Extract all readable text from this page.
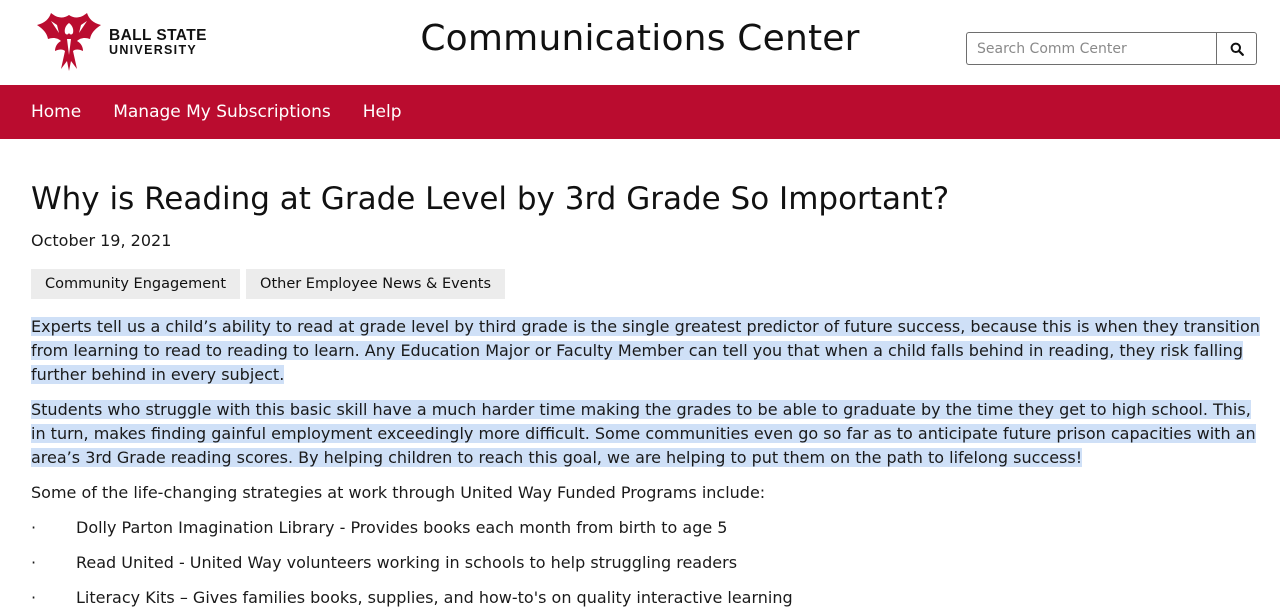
BALL STATE
UNIVERSITY	Communications Center
Search Comm Center
Home Manage My Subscriptions Help
Why is Reading at Grade Level by 3rd Grade So Important?
October 19, 2021
Community Engagement	Other Employee News & Events

Experts tell us a child’s ability to read at grade level by third grade is the single greatest predictor of future success, because this is when they transition from learning to read to reading to learn. Any Education Major or Faculty Member can tell you that when a child falls behind in reading, they risk falling further behind in every subject.

Students who struggle with this basic skill have a much harder time making the grades to be able to graduate by the time they get to high school. This, in turn, makes finding gainful employment exceedingly more difficult. Some communities even go so far as to anticipate future prison capacities with an area’s 3rd Grade reading scores. By helping children to reach this goal, we are helping to put them on the path to lifelong success!

Some of the life-changing strategies at work through United Way Funded Programs include:

·	Dolly Parton Imagination Library - Provides books each month from birth to age 5
·	Read United - United Way volunteers working in schools to help struggling readers
·	Literacy Kits – Gives families books, supplies, and how-to's on quality interactive learning
